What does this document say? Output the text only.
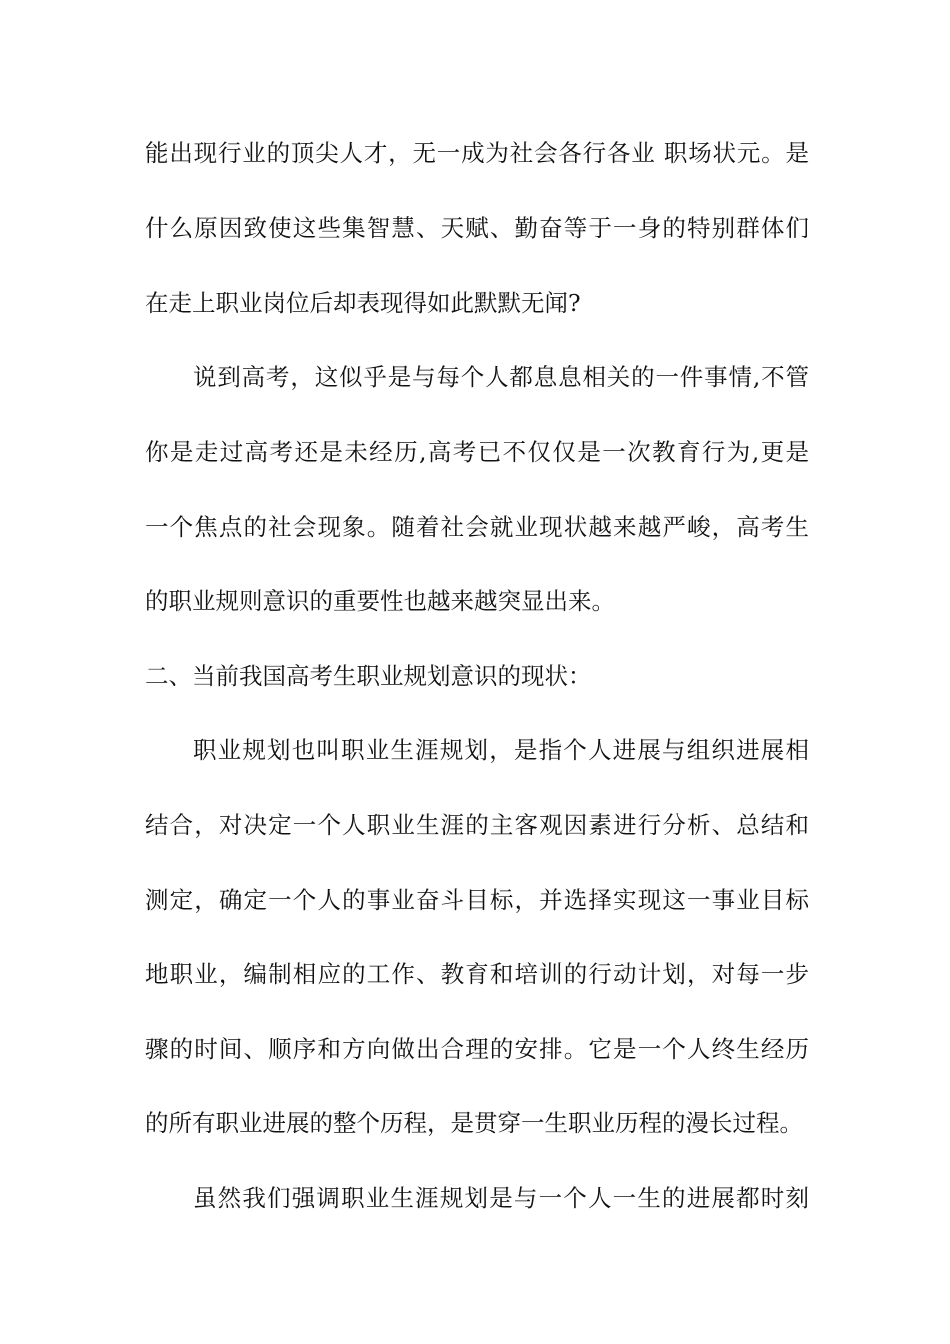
能出现行业的顶尖人才，无一成为社会各行各业 职场状元。是
什么原因致使这些集智慧、天赋、勤奋等于一身的特别群体们
在走上职业岗位后却表现得如此默默无闻?
说到高考，这似乎是与每个人都息息相关的一件事情,不管
你是走过高考还是未经历,高考已不仅仅是一次教育行为,更是
一个焦点的社会现象。随着社会就业现状越来越严峻，高考生
的职业规则意识的重要性也越来越突显出来。
二、当前我国高考生职业规划意识的现状：
职业规划也叫职业生涯规划，是指个人进展与组织进展相
结合，对决定一个人职业生涯的主客观因素进行分析、总结和
测定，确定一个人的事业奋斗目标，并选择实现这一事业目标
地职业，编制相应的工作、教育和培训的行动计划，对每一步
骤的时间、顺序和方向做出合理的安排。它是一个人终生经历
的所有职业进展的整个历程，是贯穿一生职业历程的漫长过程。
虽然我们强调职业生涯规划是与一个人一生的进展都时刻
